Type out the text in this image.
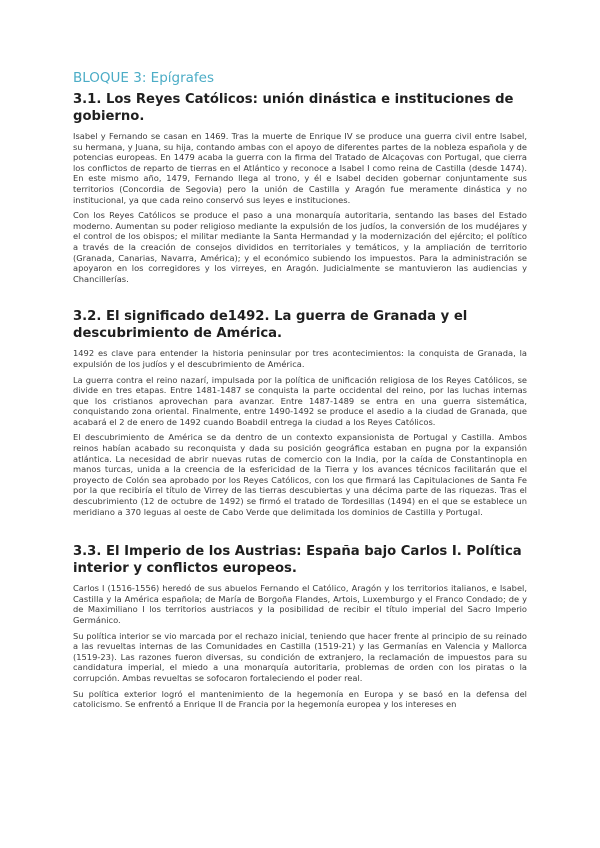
BLOQUE 3: Epígrafes
3.1. Los Reyes Católicos: unión dinástica e instituciones de gobierno.

Isabel y Fernando se casan en 1469. Tras la muerte de Enrique IV se produce una guerra civil entre Isabel, su hermana, y Juana, su hija, contando ambas con el apoyo de diferentes partes de la nobleza española y de potencias europeas. En 1479 acaba la guerra con la firma del Tratado de Alcaçovas con Portugal, que cierra los conflictos de reparto de tierras en el Atlántico y reconoce a Isabel I como reina de Castilla (desde 1474). En este mismo año, 1479, Fernando llega al trono, y él e Isabel deciden gobernar conjuntamente sus territorios (Concordia de Segovia) pero la unión de Castilla y Aragón fue meramente dinástica y no institucional, ya que cada reino conservó sus leyes e instituciones.

Con los Reyes Católicos se produce el paso a una monarquía autoritaria, sentando las bases del Estado moderno. Aumentan su poder religioso mediante la expulsión de los judíos, la conversión de los mudéjares y el control de los obispos; el militar mediante la Santa Hermandad y la modernización del ejército; el político a través de la creación de consejos divididos en territoriales y temáticos, y la ampliación de territorio (Granada, Canarias, Navarra, América); y el económico subiendo los impuestos. Para la administración se apoyaron en los corregidores y los virreyes, en Aragón. Judicialmente se mantuvieron las audiencias y Chancillerías.

3.2. El significado de1492. La guerra de Granada y el descubrimiento de América.

1492 es clave para entender la historia peninsular por tres acontecimientos: la conquista de Granada, la expulsión de los judíos y el descubrimiento de América.

La guerra contra el reino nazarí, impulsada por la política de unificación religiosa de los Reyes Católicos, se divide en tres etapas. Entre 1481-1487 se conquista la parte occidental del reino, por las luchas internas que los cristianos aprovechan para avanzar. Entre 1487-1489 se entra en una guerra sistemática, conquistando zona oriental. Finalmente, entre 1490-1492 se produce el asedio a la ciudad de Granada, que acabará el 2 de enero de 1492 cuando Boabdil entrega la ciudad a los Reyes Católicos.

El descubrimiento de América se da dentro de un contexto expansionista de Portugal y Castilla. Ambos reinos habían acabado su reconquista y dada su posición geográfica estaban en pugna por la expansión atlántica. La necesidad de abrir nuevas rutas de comercio con la India, por la caída de Constantinopla en manos turcas, unida a la creencia de la esfericidad de la Tierra y los avances técnicos facilitarán que el proyecto de Colón sea aprobado por los Reyes Católicos, con los que firmará las Capitulaciones de Santa Fe por la que recibiría el título de Virrey de las tierras descubiertas y una décima parte de las riquezas. Tras el descubrimiento (12 de octubre de 1492) se firmó el tratado de Tordesillas (1494) en el que se establece un meridiano a 370 leguas al oeste de Cabo Verde que delimitada los dominios de Castilla y Portugal.

3.3. El Imperio de los Austrias: España bajo Carlos I. Política interior y conflictos europeos.

Carlos I (1516-1556) heredó de sus abuelos Fernando el Católico, Aragón y los territorios italianos, e Isabel, Castilla y la América española; de María de Borgoña Flandes, Artois, Luxemburgo y el Franco Condado; de y de Maximiliano I los territorios austriacos y la posibilidad de recibir el título imperial del Sacro Imperio Germánico.

Su política interior se vio marcada por el rechazo inicial, teniendo que hacer frente al principio de su reinado a las revueltas internas de las Comunidades en Castilla (1519-21) y las Germanías en Valencia y Mallorca (1519-23). Las razones fueron diversas, su condición de extranjero, la reclamación de impuestos para su candidatura imperial, el miedo a una monarquía autoritaria, problemas de orden con los piratas o la corrupción. Ambas revueltas se sofocaron fortaleciendo el poder real.

Su política exterior logró el mantenimiento de la hegemonía en Europa y se basó en la defensa del catolicismo. Se enfrentó a Enrique II de Francia por la hegemonía europea y los intereses en
